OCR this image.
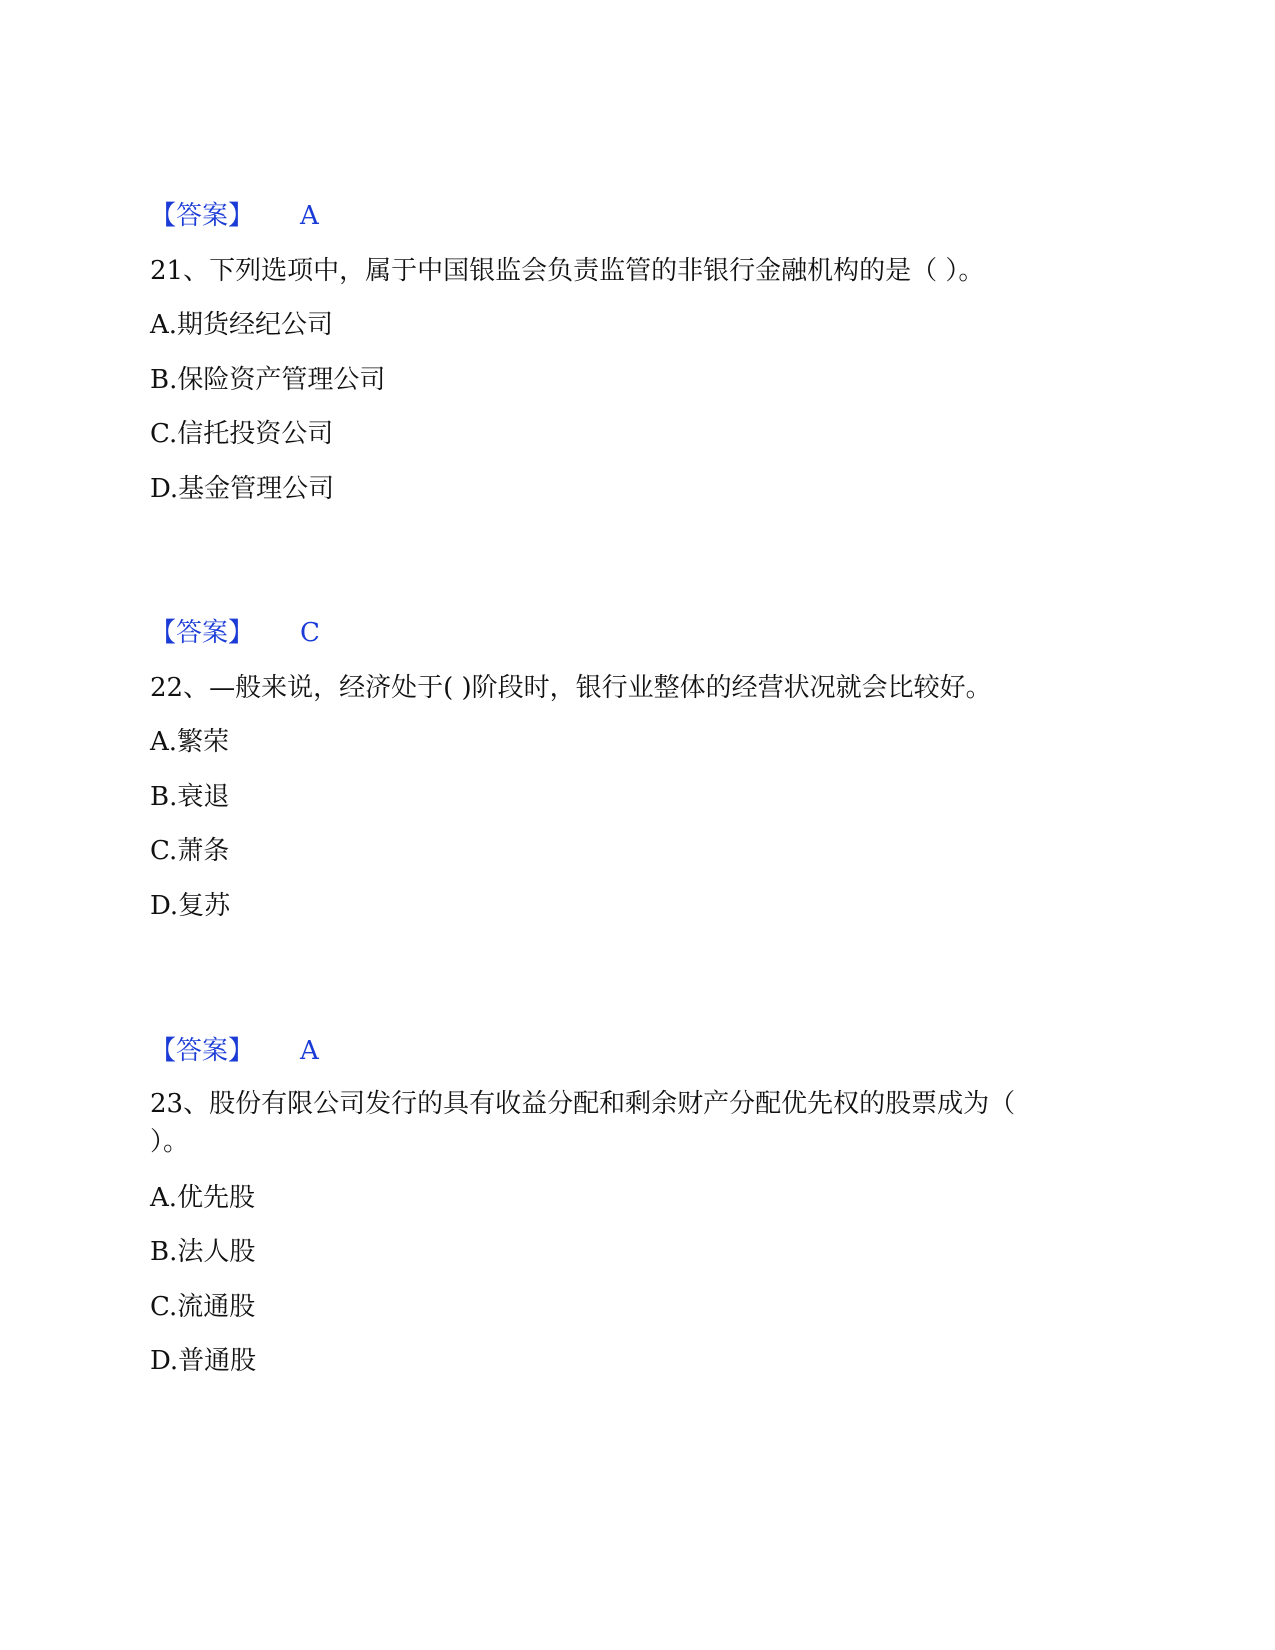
【答案】 A
21、下列选项中，属于中国银监会负责监管的非银行金融机构的是（ ）。
A.期货经纪公司
B.保险资产管理公司
C.信托投资公司
D.基金管理公司
【答案】 C
22、—般来说，经济处于( )阶段时，银行业整体的经营状况就会比较好。
A.繁荣
B.衰退
C.萧条
D.复苏
【答案】 A
23、股份有限公司发行的具有收益分配和剩余财产分配优先权的股票成为（
）。
A.优先股
B.法人股
C.流通股
D.普通股
